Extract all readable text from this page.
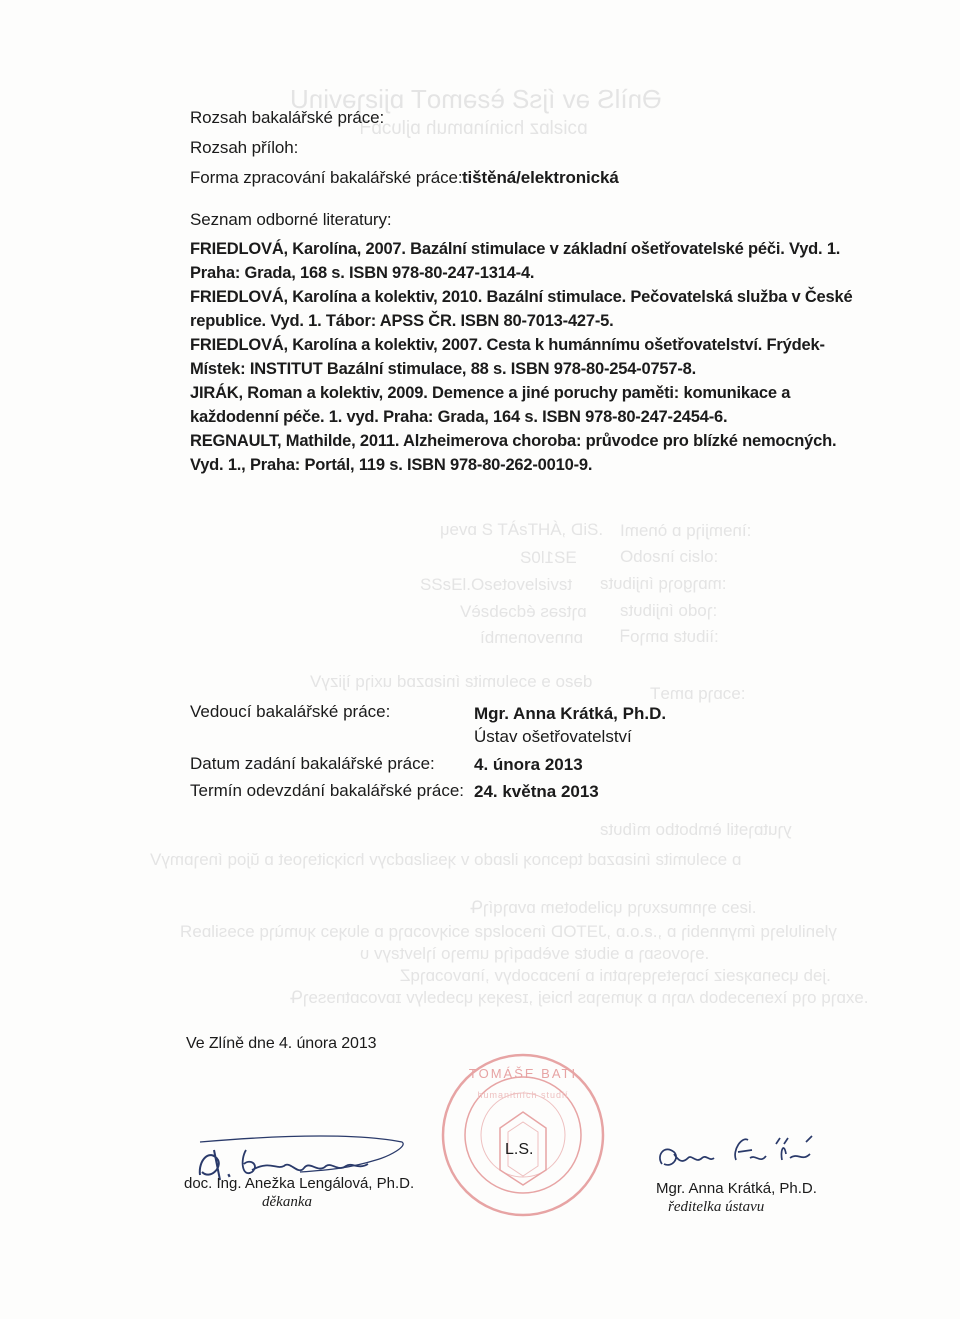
ƏnìlS əv íjsƧ èƨǝmoT ɒjiƨɿǝvinU
ɒɔiƨlɒz hɔinìnɒmuh ɒjlυɔɒᖷ
.ƧiD ,ÁHTƨÀT Ƨ ɒvɘɥ
ƎƧ1Ɩ0Ƨ
tƨviƨlɘvotɘƨO.ƖƎƨƧƧ
ɒɿtƨəs édɔəbƨèV
ɒnnɘvonɘmbì
dəƨo ɘ ɘɔɘlυmitƨ íniƨɒzɒd uxiɿq ìjizγV
yɿutɒɿɘtil èmbotbo míbυtƨ
ɒ ɘɔɘlυmitƨ íniƨɒzɒd tqɘɔnoʞ ilƨɒdo v ʞɘsilƨɒdɔγv hɔiʞɔitɘɿoɘt ɒ ŭjoq ínɘɿɒmγV
.iƨɘɔ ɘɿnmυƨxυɿq ɥɔilɘbotɘm ɒvɒɿqíɿԳ
γlɘnilυlɘɿq ímγnnɘbiɿ ɒ ,.ƨ.o.ɒ ,JƎTOD ínɘɔolƨqƨ ɘɔiʞvoɔɒɿq ɒ ɘlυʞɘɔ ʞυmùɿq ɘɔɘsilɒɘЯ
.ɘɿovosɒɿ ɒ ɘibυtƨ ɘvèbɒqíɿq umɘɿo ìɿlɘvtƨγv υ
.jɘb ɥɔɘnɒʞƨɘiz ìɔɒɿɘtɘɿqɘɿɒtni ɒ ìnɘɔɒɔobγv ,ìnɒvoɔɒɿqZ
.ɘxɒɿq oɿq ìxɘnɘɔɘbob ʌɒɿn ɒ ʞυmɘɿɒs hɔiɘj ,ɪƨɘʞɘʞ ɥɔɘbɘlγv ɪɒvoɔɒtnɘsɘɿԳ
:ɘɔɒɿq ɒmɘT
:ìnɘmjiɿq ɒ ònɘmI
:olƨiɔ ìnƨobO
:mɒɿgoɿq ínjibυtƨ
:ɿodo ínjibυtƨ
:ìibυtƨ ɒmɿoᖷ
Rozsah bakalářské práce:
Rozsah příloh:
Forma zpracování bakalářské práce: tištěná/elektronická
Seznam odborné literatury:
FRIEDLOVÁ, Karolína, 2007. Bazální stimulace v základní ošetřovatelské péči. Vyd. 1.
Praha: Grada, 168 s. ISBN 978-80-247-1314-4.
FRIEDLOVÁ, Karolína a kolektiv, 2010. Bazální stimulace. Pečovatelská služba v České
republice. Vyd. 1. Tábor: APSS ČR. ISBN 80-7013-427-5.
FRIEDLOVÁ, Karolína a kolektiv, 2007. Cesta k humánnímu ošetřovatelství. Frýdek-
Místek: INSTITUT Bazální stimulace, 88 s. ISBN 978-80-254-0757-8.
JIRÁK, Roman a kolektiv, 2009. Demence a jiné poruchy paměti: komunikace a
každodenní péče. 1. vyd. Praha: Grada, 164 s. ISBN 978-80-247-2454-6.
REGNAULT, Mathilde, 2011. Alzheimerova choroba: průvodce pro blízké nemocných.
Vyd. 1., Praha: Portál, 119 s. ISBN 978-80-262-0010-9.
Vedoucí bakalářské práce:	Mgr. Anna Krátká, Ph.D.
Ústav ošetřovatelství
Datum zadání bakalářské práce: 4. února 2013
Termín odevzdání bakalářské práce: 24. května 2013
Ve Zlíně dne 4. února 2013
doc. Ing. Anežka Lengálová, Ph.D.
děkanka
TOMÁŠE BATI
humanitních studií
L.S.
Mgr. Anna Krátká, Ph.D.
ředitelka ústavu
